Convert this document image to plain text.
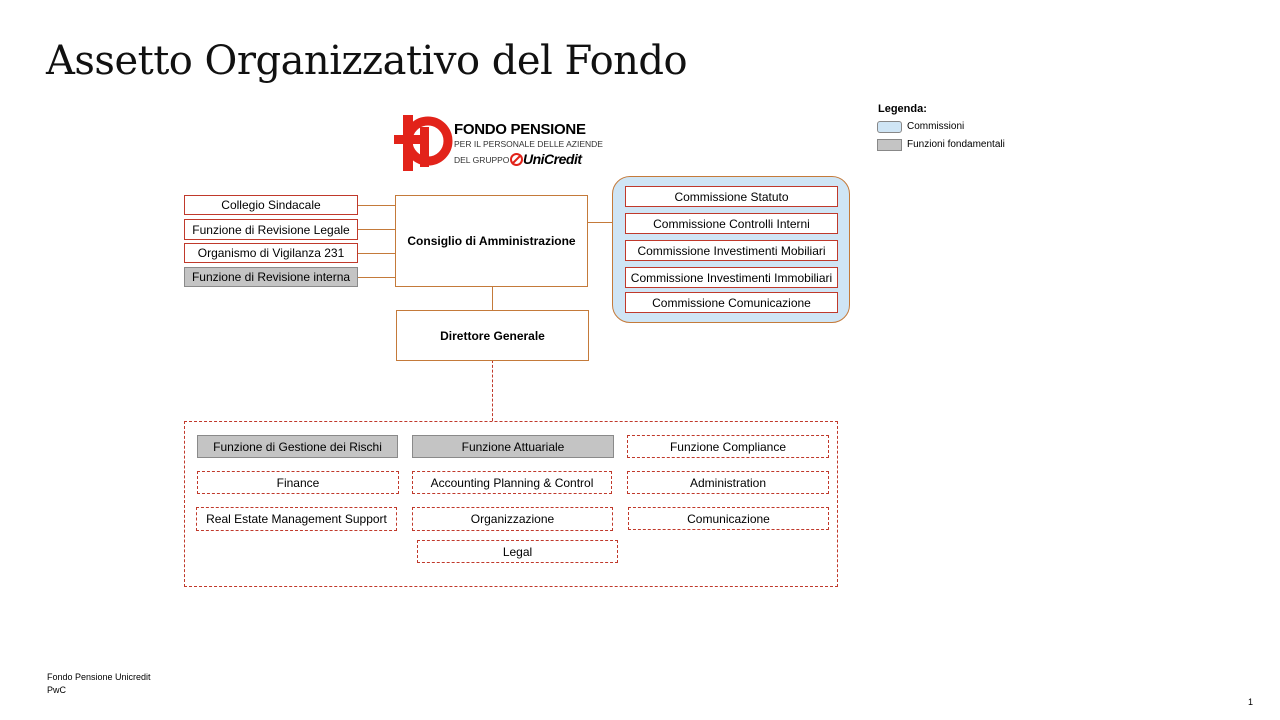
Assetto Organizzativo del Fondo
FONDO PENSIONE
PER IL PERSONALE DELLE AZIENDE
DEL GRUPPO UniCredit
Legenda:
Commissioni
Funzioni fondamentali
Collegio Sindacale
Funzione di Revisione Legale
Organismo di Vigilanza 231
Funzione di Revisione interna
Consiglio di Amministrazione
Commissione Statuto
Commissione Controlli Interni
Commissione Investimenti Mobiliari
Commissione Investimenti Immobiliari
Commissione Comunicazione
Direttore Generale
Funzione di Gestione dei Rischi	Funzione Attuariale	Funzione Compliance
Finance	Accounting Planning & Control	Administration
Real Estate Management Support	Organizzazione	Comunicazione
Legal
Fondo Pensione Unicredit
PwC
1
